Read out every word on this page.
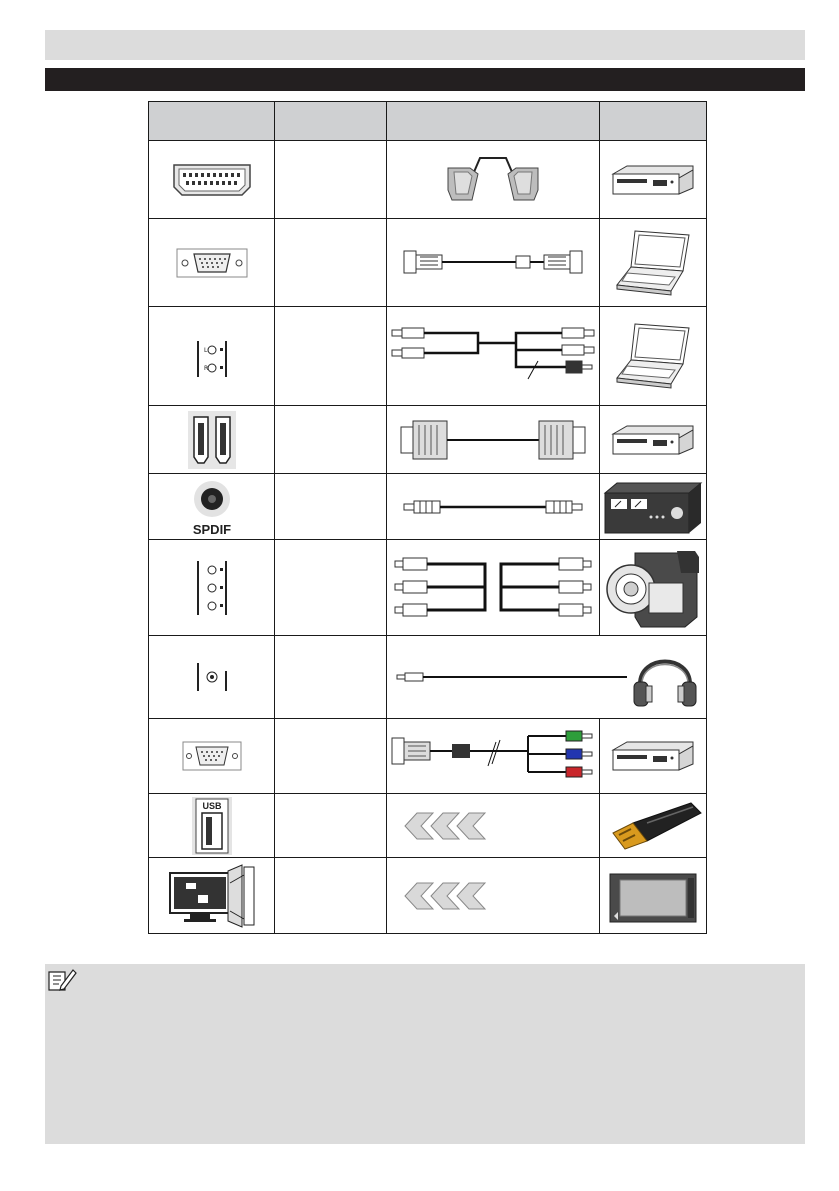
L
R

SPDIF

USB
